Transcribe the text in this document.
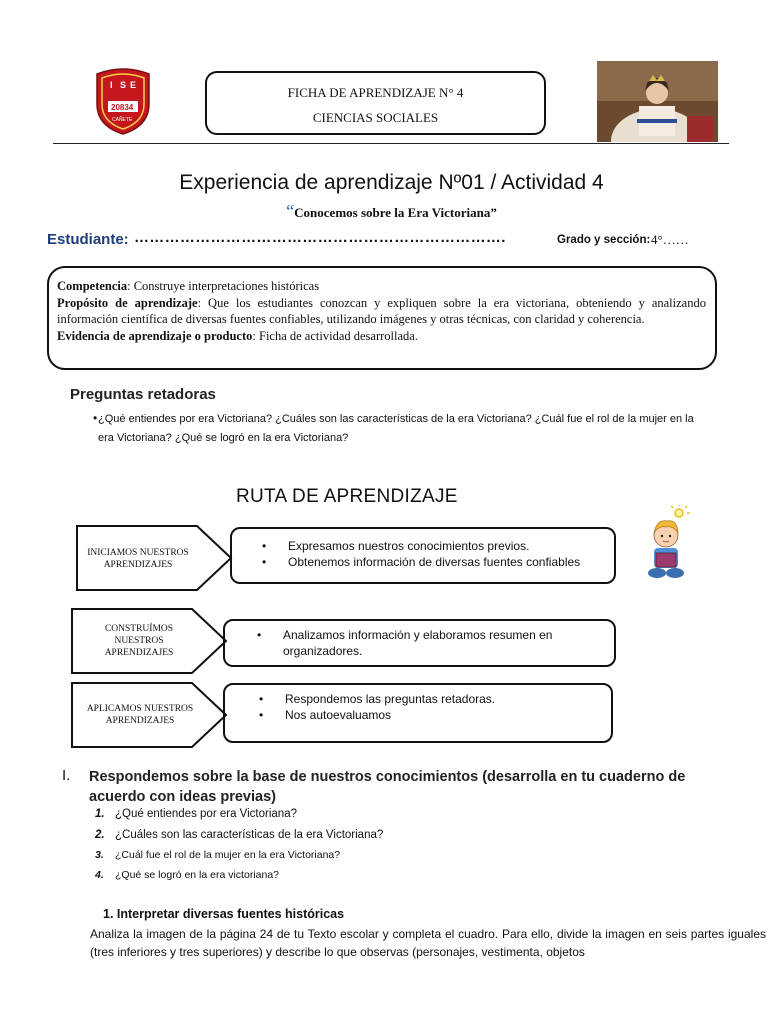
I S E
20834
CAÑETE
FICHA DE APRENDIZAJE N° 4
CIENCIAS SOCIALES
Experiencia de aprendizaje Nº01 / Actividad 4
“Conocemos sobre la Era Victoriana”
Estudiante: ……………………………………………………………….	Grado y sección: 4°……
Competencia: Construye interpretaciones históricas
Propósito de aprendizaje: Que los estudiantes conozcan y expliquen sobre la era victoriana, obteniendo y analizando información científica de diversas fuentes confiables, utilizando imágenes y otras técnicas, con claridad y coherencia.
Evidencia de aprendizaje o producto: Ficha de actividad desarrollada.
Preguntas retadoras
• ¿Qué entiendes por era Victoriana? ¿Cuáles son las características de la era Victoriana? ¿Cuál fue el rol de la mujer en la era Victoriana? ¿Qué se logró en la era Victoriana?
RUTA DE APRENDIZAJE
INICIAMOS NUESTROS APRENDIZAJES
• Expresamos nuestros conocimientos previos.
• Obtenemos información de diversas fuentes confiables
CONSTRUÍMOS NUESTROS APRENDIZAJES
• Analizamos información y elaboramos resumen en organizadores.
APLICAMOS NUESTROS APRENDIZAJES
• Respondemos las preguntas retadoras.
• Nos autoevaluamos
I. Respondemos sobre la base de nuestros conocimientos (desarrolla en tu cuaderno de acuerdo con ideas previas)
1. ¿Qué entiendes por era Victoriana?
2. ¿Cuáles son las características de la era Victoriana?
3. ¿Cuál fue el rol de la mujer en la era Victoriana?
4. ¿Qué se logró en la era victoriana?
1. Interpretar diversas fuentes históricas
Analiza la imagen de la página 24 de tu Texto escolar y completa el cuadro. Para ello, divide la imagen en seis partes iguales (tres inferiores y tres superiores) y describe lo que observas (personajes, vestimenta, objetos
